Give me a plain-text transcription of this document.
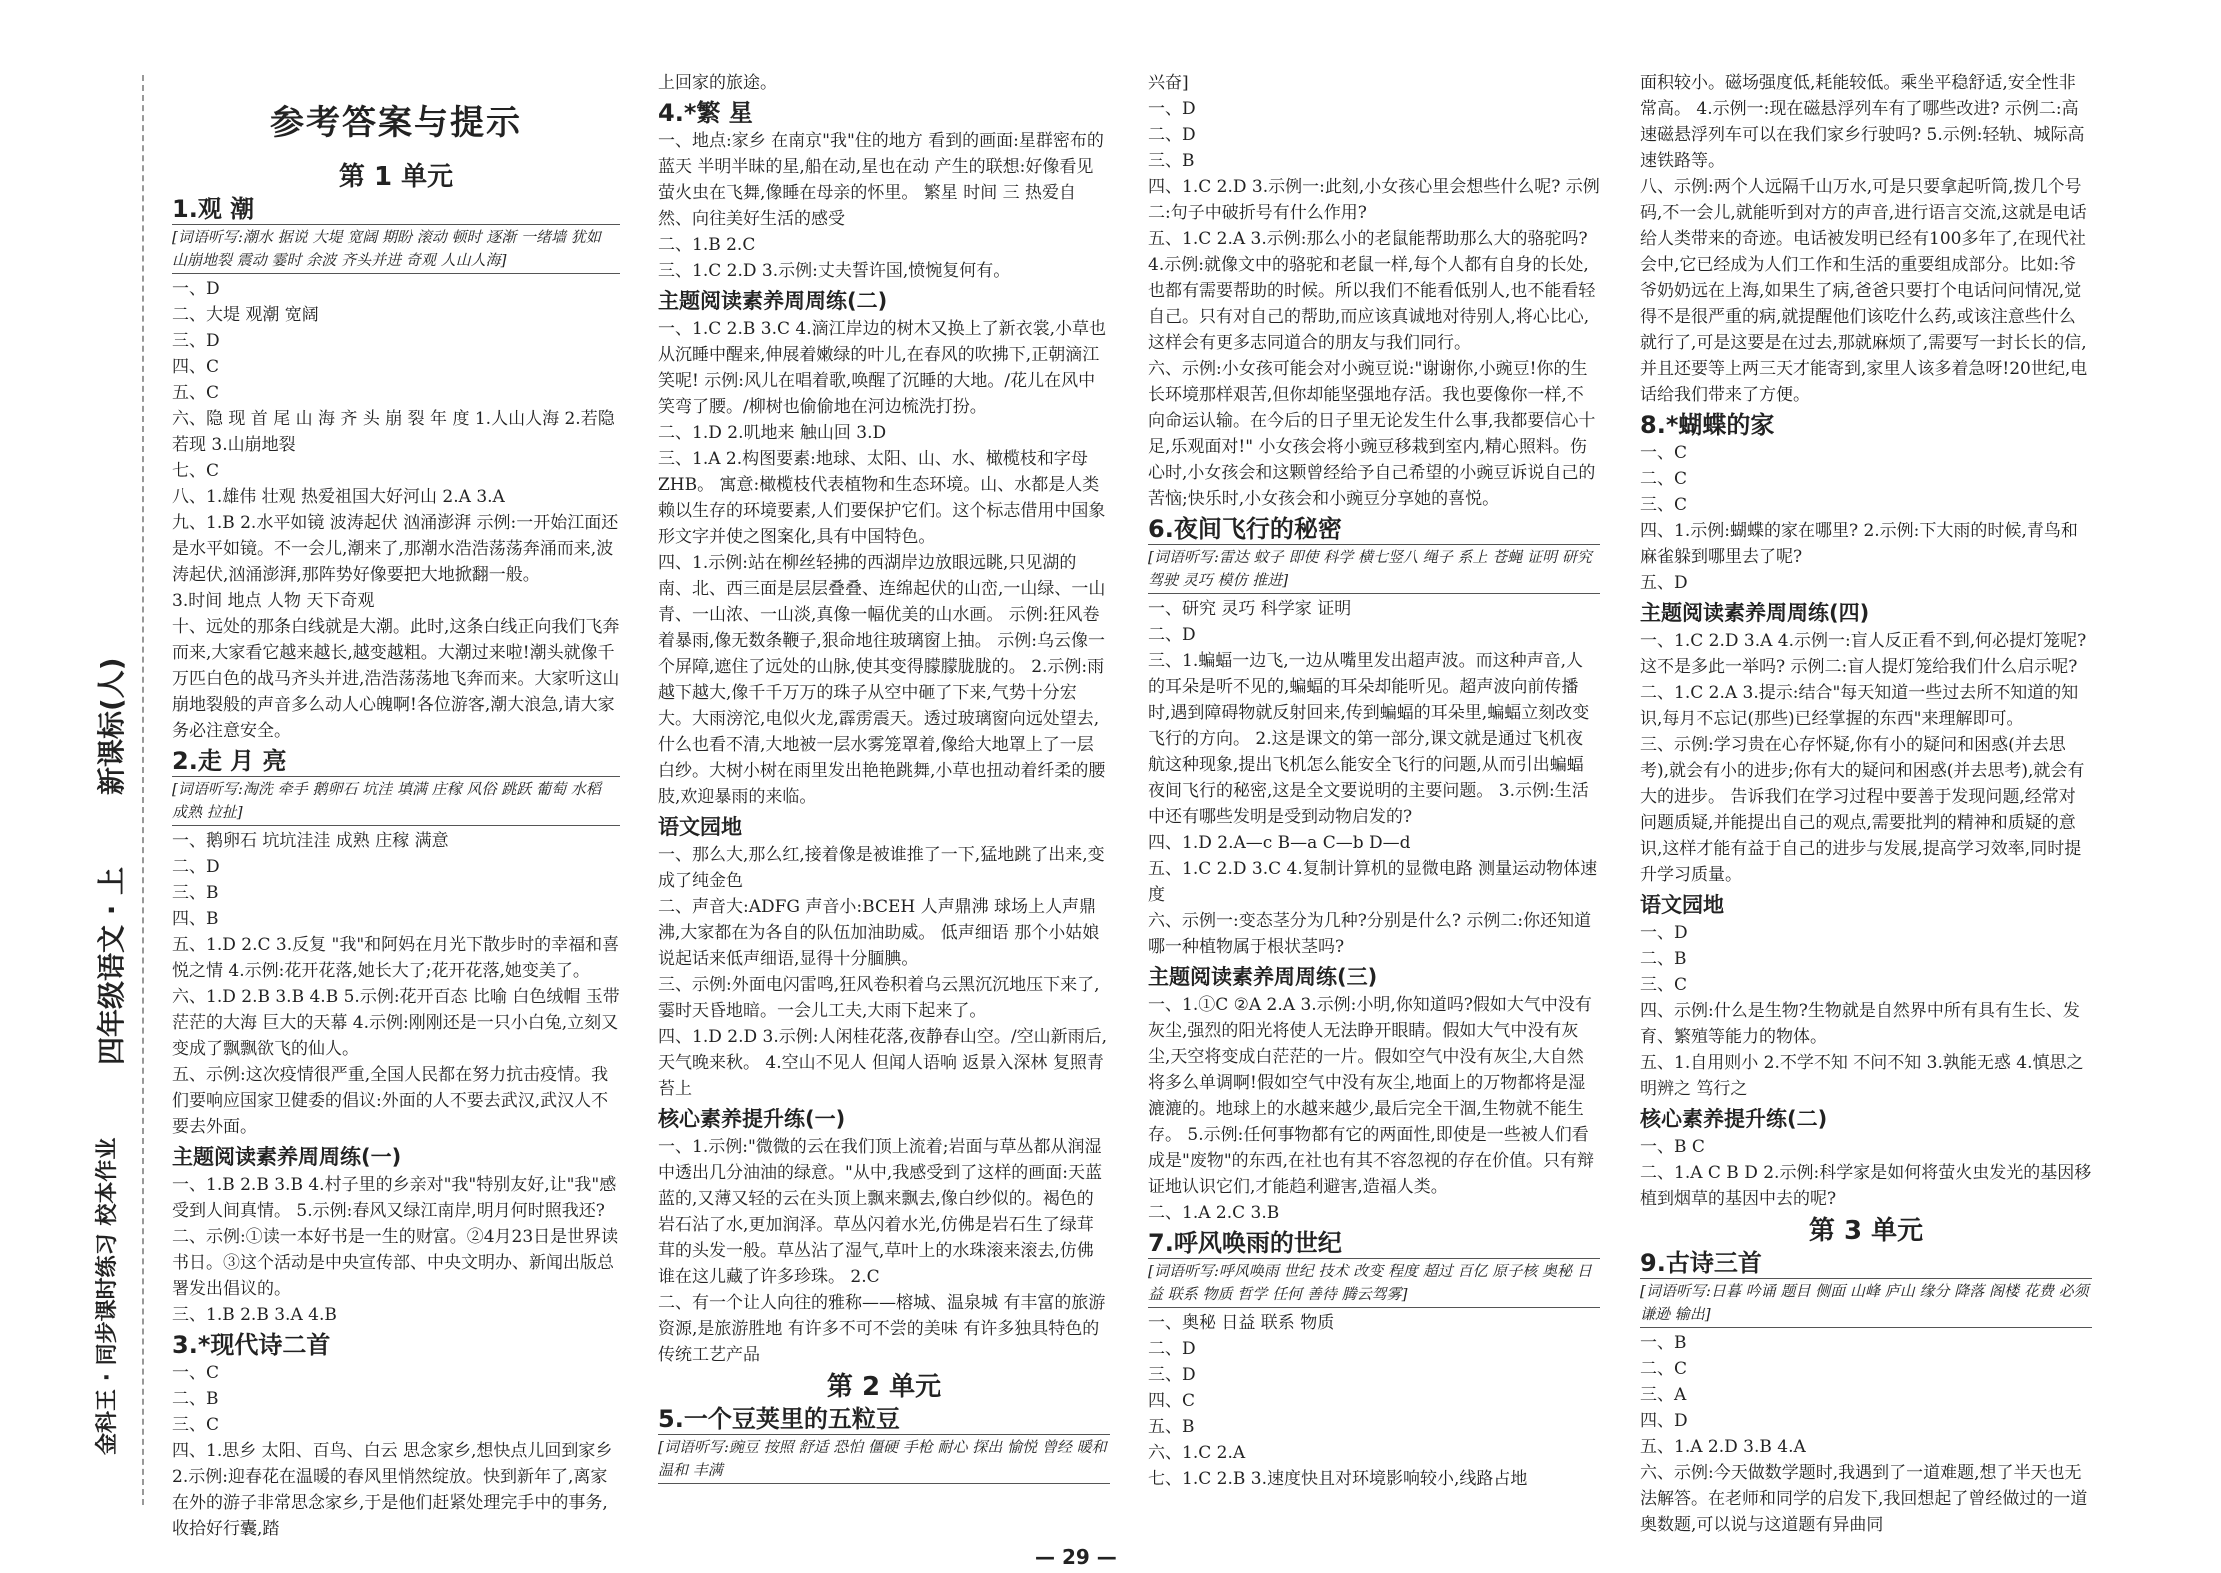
金科王 · 同步课时练习 校本作业
四年级语文 · 上
新课标(人)
参考答案与提示
第 1 单元
1.观 潮
[词语听写:潮水 据说 大堤 宽阔 期盼 滚动 顿时 逐渐 一绪墙 犹如 山崩地裂 震动 霎时 余波 齐头并进 奇观 人山人海]
一、D
二、大堤 观潮 宽阔
三、D
四、C
五、C
六、隐 现 首 尾 山 海 齐 头 崩 裂 年 度 1.人山人海 2.若隐若现 3.山崩地裂
七、C
八、1.雄伟 壮观 热爱祖国大好河山 2.A 3.A
九、1.B 2.水平如镜 波涛起伏 汹涌澎湃 示例:一开始江面还是水平如镜。不一会儿,潮来了,那潮水浩浩荡荡奔涌而来,波涛起伏,汹涌澎湃,那阵势好像要把大地掀翻一般。
3.时间 地点 人物 天下奇观
十、远处的那条白线就是大潮。此时,这条白线正向我们飞奔而来,大家看它越来越长,越变越粗。大潮过来啦!潮头就像千万匹白色的战马齐头并进,浩浩荡荡地飞奔而来。大家听这山崩地裂般的声音多么动人心魄啊!各位游客,潮大浪急,请大家务必注意安全。
2.走 月 亮
[词语听写:淘洗 牵手 鹅卵石 坑洼 填满 庄稼 风俗 跳跃 葡萄 水稻 成熟 拉扯]
一、鹅卵石 坑坑洼洼 成熟 庄稼 满意
二、D
三、B
四、B
五、1.D 2.C 3.反复 "我"和阿妈在月光下散步时的幸福和喜悦之情 4.示例:花开花落,她长大了;花开花落,她变美了。
六、1.D 2.B 3.B 4.B 5.示例:花开百态 比喻 白色绒帽 玉带 茫茫的大海 巨大的天幕 4.示例:刚刚还是一只小白兔,立刻又变成了飘飘欲飞的仙人。
五、示例:这次疫情很严重,全国人民都在努力抗击疫情。我们要响应国家卫健委的倡议:外面的人不要去武汉,武汉人不要去外面。
主题阅读素养周周练(一)
一、1.B 2.B 3.B 4.村子里的乡亲对"我"特别友好,让"我"感受到人间真情。 5.示例:春风又绿江南岸,明月何时照我还?
二、示例:①读一本好书是一生的财富。②4月23日是世界读书日。③这个活动是中央宣传部、中央文明办、新闻出版总署发出倡议的。
三、1.B 2.B 3.A 4.B
3.*现代诗二首
一、C
二、B
三、C
四、1.思乡 太阳、百鸟、白云 思念家乡,想快点儿回到家乡 2.示例:迎春花在温暖的春风里悄然绽放。快到新年了,离家在外的游子非常思念家乡,于是他们赶紧处理完手中的事务,收拾好行囊,踏
上回家的旅途。
4.*繁 星
一、地点:家乡 在南京"我"住的地方 看到的画面:星群密布的蓝天 半明半昧的星,船在动,星也在动 产生的联想:好像看见萤火虫在飞舞,像睡在母亲的怀里。 繁星 时间 三 热爱自然、向往美好生活的感受
二、1.B 2.C
三、1.C 2.D 3.示例:丈夫誓许国,愤惋复何有。
主题阅读素养周周练(二)
一、1.C 2.B 3.C 4.滴江岸边的树木又换上了新衣裳,小草也从沉睡中醒来,伸展着嫩绿的叶儿,在春风的吹拂下,正朝滴江笑呢! 示例:风儿在唱着歌,唤醒了沉睡的大地。/花儿在风中笑弯了腰。/柳树也偷偷地在河边梳洗打扮。
二、1.D 2.叽地来 触山回 3.D
三、1.A 2.构图要素:地球、太阳、山、水、橄榄枝和字母 ZHB。 寓意:橄榄枝代表植物和生态环境。山、水都是人类赖以生存的环境要素,人们要保护它们。这个标志借用中国象形文字并使之图案化,具有中国特色。
四、1.示例:站在柳丝轻拂的西湖岸边放眼远眺,只见湖的南、北、西三面是层层叠叠、连绵起伏的山峦,一山绿、一山青、一山浓、一山淡,真像一幅优美的山水画。 示例:狂风卷着暴雨,像无数条鞭子,狠命地往玻璃窗上抽。 示例:乌云像一个屏障,遮住了远处的山脉,使其变得朦朦胧胧的。 2.示例:雨越下越大,像千千万万的珠子从空中砸了下来,气势十分宏大。大雨滂沱,电似火龙,霹雳震天。透过玻璃窗向远处望去,什么也看不清,大地被一层水雾笼罩着,像给大地罩上了一层白纱。大树小树在雨里发出艳艳跳舞,小草也扭动着纤柔的腰肢,欢迎暴雨的来临。
语文园地
一、那么大,那么红,接着像是被谁推了一下,猛地跳了出来,变成了纯金色
二、声音大:ADFG 声音小:BCEH 人声鼎沸 球场上人声鼎沸,大家都在为各自的队伍加油助威。 低声细语 那个小姑娘说起话来低声细语,显得十分腼腆。
三、示例:外面电闪雷鸣,狂风卷积着乌云黑沉沉地压下来了,霎时天昏地暗。一会儿工夫,大雨下起来了。
四、1.D 2.D 3.示例:人闲桂花落,夜静春山空。/空山新雨后,天气晚来秋。 4.空山不见人 但闻人语响 返景入深林 复照青苔上
核心素养提升练(一)
一、1.示例:"微微的云在我们顶上流着;岩面与草丛都从润湿中透出几分油油的绿意。"从中,我感受到了这样的画面:天蓝蓝的,又薄又轻的云在头顶上飘来飘去,像白纱似的。褐色的岩石沾了水,更加润泽。草丛闪着水光,仿佛是岩石生了绿茸茸的头发一般。草丛沾了湿气,草叶上的水珠滚来滚去,仿佛谁在这儿藏了许多珍珠。 2.C
二、有一个让人向往的雅称——榕城、温泉城 有丰富的旅游资源,是旅游胜地 有许多不可不尝的美味 有许多独具特色的传统工艺产品
第 2 单元
5.一个豆荚里的五粒豆
[词语听写:豌豆 按照 舒适 恐怕 僵硬 手枪 耐心 探出 愉悦 曾经 暖和 温和 丰满
兴奋]
一、D
二、D
三、B
四、1.C 2.D 3.示例一:此刻,小女孩心里会想些什么呢? 示例二:句子中破折号有什么作用?
五、1.C 2.A 3.示例:那么小的老鼠能帮助那么大的骆驼吗? 4.示例:就像文中的骆驼和老鼠一样,每个人都有自身的长处,也都有需要帮助的时候。所以我们不能看低别人,也不能看轻自己。只有对自己的帮助,而应该真诚地对待别人,将心比心,这样会有更多志同道合的朋友与我们同行。
六、示例:小女孩可能会对小豌豆说:"谢谢你,小豌豆!你的生长环境那样艰苦,但你却能坚强地存活。我也要像你一样,不向命运认输。在今后的日子里无论发生什么事,我都要信心十足,乐观面对!" 小女孩会将小豌豆移栽到室内,精心照料。伤心时,小女孩会和这颗曾经给予自己希望的小豌豆诉说自己的苦恼;快乐时,小女孩会和小豌豆分享她的喜悦。
6.夜间飞行的秘密
[词语听写:雷达 蚊子 即使 科学 横七竖八 绳子 系上 苍蝇 证明 研究 驾驶 灵巧 模仿 推进]
一、研究 灵巧 科学家 证明
二、D
三、1.蝙蝠一边飞,一边从嘴里发出超声波。而这种声音,人的耳朵是听不见的,蝙蝠的耳朵却能听见。超声波向前传播时,遇到障碍物就反射回来,传到蝙蝠的耳朵里,蝙蝠立刻改变飞行的方向。 2.这是课文的第一部分,课文就是通过飞机夜航这种现象,提出飞机怎么能安全飞行的问题,从而引出蝙蝠夜间飞行的秘密,这是全文要说明的主要问题。 3.示例:生活中还有哪些发明是受到动物启发的?
四、1.D 2.A—c B—a C—b D—d
五、1.C 2.D 3.C 4.复制计算机的显微电路 测量运动物体速度
六、示例一:变态茎分为几种?分别是什么? 示例二:你还知道哪一种植物属于根状茎吗?
主题阅读素养周周练(三)
一、1.①C ②A 2.A 3.示例:小明,你知道吗?假如大气中没有灰尘,强烈的阳光将使人无法睁开眼睛。假如大气中没有灰尘,天空将变成白茫茫的一片。假如空气中没有灰尘,大自然将多么单调啊!假如空气中没有灰尘,地面上的万物都将是湿漉漉的。地球上的水越来越少,最后完全干涸,生物就不能生存。 5.示例:任何事物都有它的两面性,即使是一些被人们看成是"废物"的东西,在社也有其不容忽视的存在价值。只有辩证地认识它们,才能趋利避害,造福人类。
二、1.A 2.C 3.B
7.呼风唤雨的世纪
[词语听写:呼风唤雨 世纪 技术 改变 程度 超过 百亿 原子核 奥秘 日益 联系 物质 哲学 任何 善待 腾云驾雾]
一、奥秘 日益 联系 物质
二、D
三、D
四、C
五、B
六、1.C 2.A
七、1.C 2.B 3.速度快且对环境影响较小,线路占地
面积较小。磁场强度低,耗能较低。乘坐平稳舒适,安全性非常高。 4.示例一:现在磁悬浮列车有了哪些改进? 示例二:高速磁悬浮列车可以在我们家乡行驶吗? 5.示例:轻轨、城际高速铁路等。
八、示例:两个人远隔千山万水,可是只要拿起听筒,拨几个号码,不一会儿,就能听到对方的声音,进行语言交流,这就是电话给人类带来的奇迹。电话被发明已经有100多年了,在现代社会中,它已经成为人们工作和生活的重要组成部分。比如:爷爷奶奶远在上海,如果生了病,爸爸只要打个电话问问情况,觉得不是很严重的病,就提醒他们该吃什么药,或该注意些什么就行了,可是这要是在过去,那就麻烦了,需要写一封长长的信,并且还要等上两三天才能寄到,家里人该多着急呀!20世纪,电话给我们带来了方便。
8.*蝴蝶的家
一、C
二、C
三、C
四、1.示例:蝴蝶的家在哪里? 2.示例:下大雨的时候,青鸟和麻雀躲到哪里去了呢?
五、D
主题阅读素养周周练(四)
一、1.C 2.D 3.A 4.示例一:盲人反正看不到,何必提灯笼呢?这不是多此一举吗? 示例二:盲人提灯笼给我们什么启示呢?
二、1.C 2.A 3.提示:结合"每天知道一些过去所不知道的知识,每月不忘记(那些)已经掌握的东西"来理解即可。
三、示例:学习贵在心存怀疑,你有小的疑问和困惑(并去思考),就会有小的进步;你有大的疑问和困惑(并去思考),就会有大的进步。 告诉我们在学习过程中要善于发现问题,经常对问题质疑,并能提出自己的观点,需要批判的精神和质疑的意识,这样才能有益于自己的进步与发展,提高学习效率,同时提升学习质量。
语文园地
一、D
二、B
三、C
四、示例:什么是生物?生物就是自然界中所有具有生长、发育、繁殖等能力的物体。
五、1.自用则小 2.不学不知 不问不知 3.孰能无惑 4.慎思之 明辨之 笃行之
核心素养提升练(二)
一、B C
二、1.A C B D 2.示例:科学家是如何将萤火虫发光的基因移植到烟草的基因中去的呢?
第 3 单元
9.古诗三首
[词语听写:日暮 吟诵 题目 侧面 山峰 庐山 缘分 降落 阁楼 花费 必须 谦逊 输出]
一、B
二、C
三、A
四、D
五、1.A 2.D 3.B 4.A
六、示例:今天做数学题时,我遇到了一道难题,想了半天也无法解答。在老师和同学的启发下,我回想起了曾经做过的一道奥数题,可以说与这道题有异曲同
— 29 —
